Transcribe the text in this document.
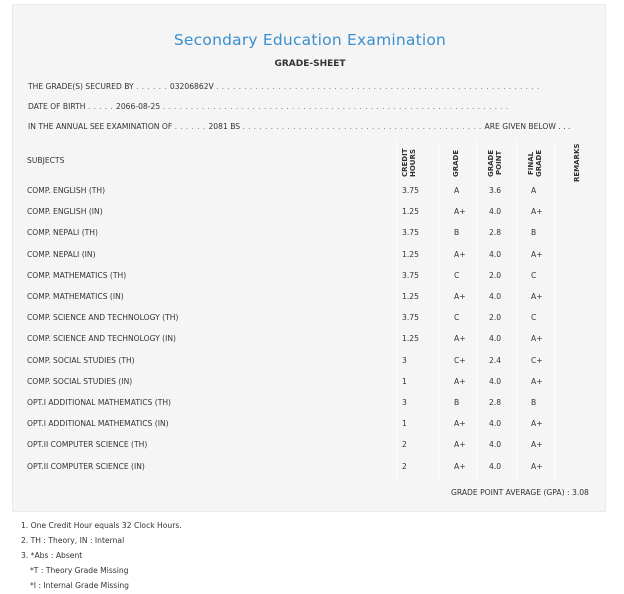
Secondary Education Examination
GRADE-SHEET
THE GRADE(S) SECURED BY . . . . . . 03206862V . . . . . . . . . . . . . . . . . . . . . . . . . . . . . . . . . . . . . . . . . . . . . . . . . . . . . . . . . .
DATE OF BIRTH . . . . . 2066-08-25 . . . . . . . . . . . . . . . . . . . . . . . . . . . . . . . . . . . . . . . . . . . . . . . . . . . . . . . . . . . . . .
IN THE ANNUAL SEE EXAMINATION OF . . . . . . 2081 BS . . . . . . . . . . . . . . . . . . . . . . . . . . . . . . . . . . . . . . . . . . . ARE GIVEN BELOW . . .
SUBJECTS	CREDIT HOURS	GRADE	GRADE POINT	FINAL GRADE	REMARKS
COMP. ENGLISH (TH)	3.75	A	3.6	A
COMP. ENGLISH (IN)	1.25	A+	4.0	A+
COMP. NEPALI (TH)	3.75	B	2.8	B
COMP. NEPALI (IN)	1.25	A+	4.0	A+
COMP. MATHEMATICS (TH)	3.75	C	2.0	C
COMP. MATHEMATICS (IN)	1.25	A+	4.0	A+
COMP. SCIENCE AND TECHNOLOGY (TH)	3.75	C	2.0	C
COMP. SCIENCE AND TECHNOLOGY (IN)	1.25	A+	4.0	A+
COMP. SOCIAL STUDIES (TH)	3	C+	2.4	C+
COMP. SOCIAL STUDIES (IN)	1	A+	4.0	A+
OPT.I ADDITIONAL MATHEMATICS (TH)	3	B	2.8	B
OPT.I ADDITIONAL MATHEMATICS (IN)	1	A+	4.0	A+
OPT.II COMPUTER SCIENCE (TH)	2	A+	4.0	A+
OPT.II COMPUTER SCIENCE (IN)	2	A+	4.0	A+
GRADE POINT AVERAGE (GPA) : 3.08
1. One Credit Hour equals 32 Clock Hours.
2. TH : Theory, IN : Internal
3. *Abs : Absent
*T : Theory Grade Missing
*I : Internal Grade Missing
